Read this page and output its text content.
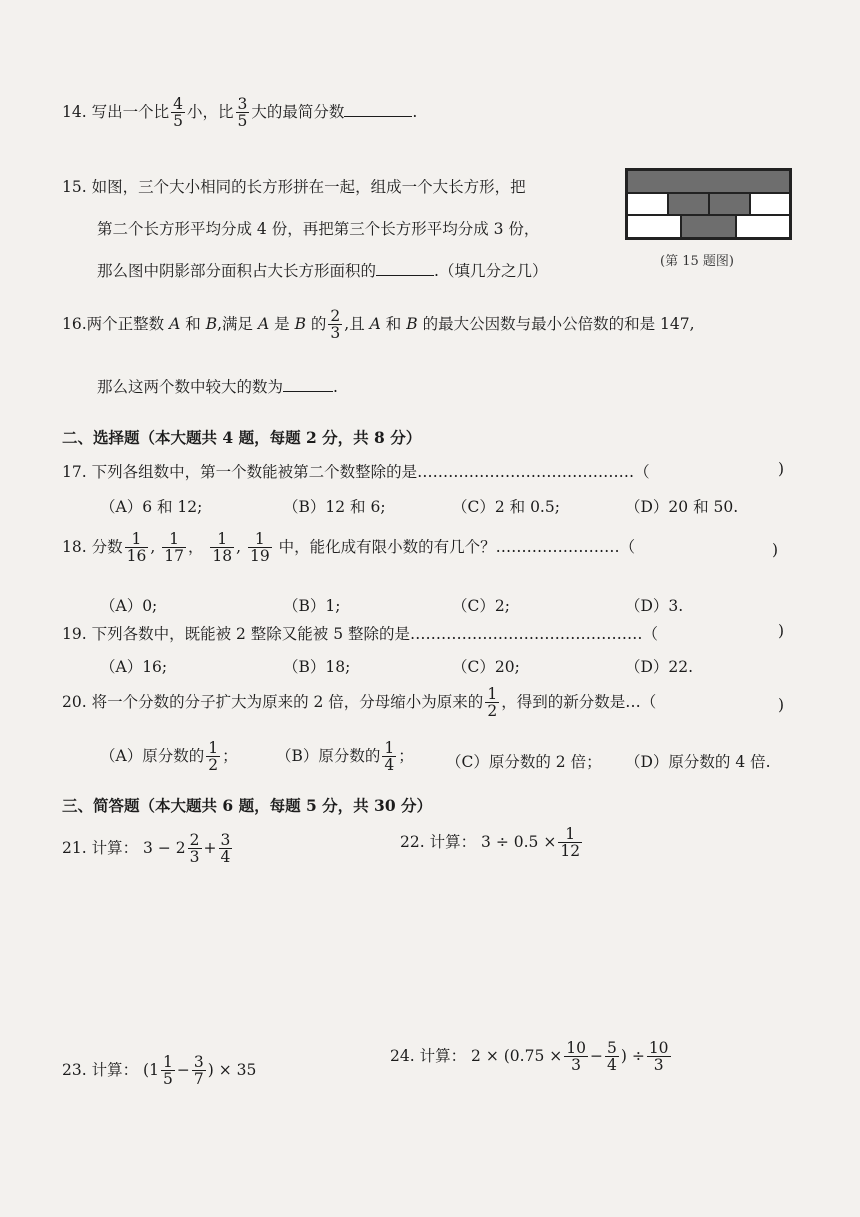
14. 写出一个比 $\frac{4}{5}$ 小，比 $\frac{3}{5}$ 大的最简分数	.
15. 如图，三个大小相同的长方形拼在一起，组成一个大长方形，把
第二个长方形平均分成 4 份，再把第三个长方形平均分成 3 份，
那么图中阴影部分面积占大长方形面积的	.（填几分之几）
(第 15 题图)
16.两个正整数 A 和 B,满足 A 是 B 的 $\frac{2}{3}$ ,且 A 和 B 的最大公因数与最小公倍数的和是 147,
那么这两个数中较大的数为	.
二、选择题（本大题共 4 题，每题 2 分，共 8 分）
17. 下列各组数中，第一个数能被第二个数整除的是……………………………………（	)
（A）6 和 12;	（B）12 和 6;	（C）2 和 0.5;	（D）20 和 50.
18. 分数 $\frac{1}{16}$ , $\frac{1}{17}$ ， $\frac{1}{18}$ , $\frac{1}{19}$ 中，能化成有限小数的有几个？……………………（	)
（A）0;	（B）1;	（C）2;	（D）3.
19. 下列各数中，既能被 2 整除又能被 5 整除的是………………………………………（	)
（A）16;	（B）18;	（C）20;	（D）22.
20. 将一个分数的分子扩大为原来的 2 倍，分母缩小为原来的 $\frac{1}{2}$ ，得到的新分数是…（	)
（A）原分数的 $\frac{1}{2}$ ； （B）原分数的 $\frac{1}{4}$ ； （C）原分数的 2 倍； （D）原分数的 4 倍.
三、简答题（本大题共 6 题，每题 5 分，共 30 分）
21. 计算： $3 - 2 \frac{2}{3} + \frac{3}{4}$	22. 计算： $3 \div 0.5 \times \frac{1}{12}$
23. 计算： ($1 \frac{1}{5} - \frac{3}{7}$ ) × 35
24. 计算： $2 \times (0.75 \times \frac{10}{3} - \frac{5}{4}$ ) ÷ $\frac{10}{3}$
